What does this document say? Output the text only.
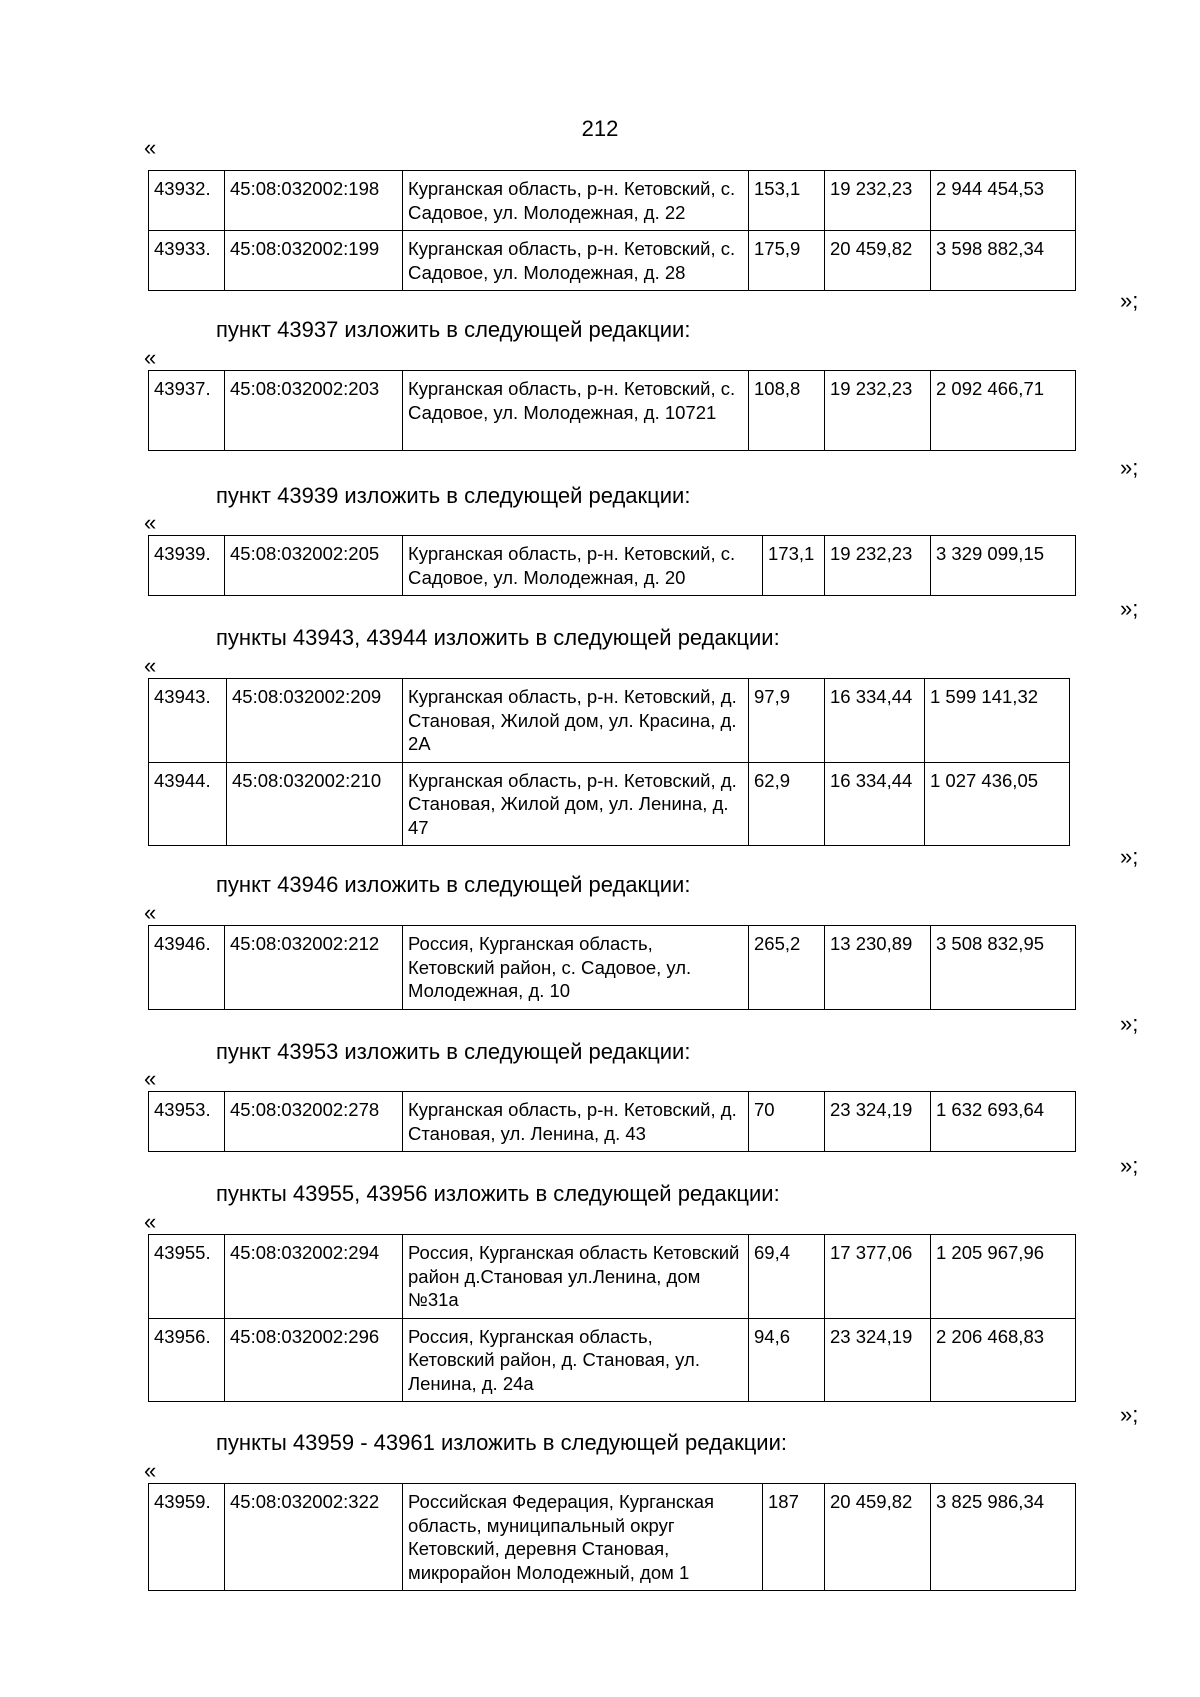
212
«
43932.	45:08:032002:198	Курганская область, р-н. Кетовский, с. Садовое, ул. Молодежная, д. 22	153,1	19 232,23	2 944 454,53
43933.	45:08:032002:199	Курганская область, р-н. Кетовский, с. Садовое, ул. Молодежная, д. 28	175,9	20 459,82	3 598 882,34
»;
пункт 43937 изложить в следующей редакции:
«
43937.	45:08:032002:203	Курганская область, р-н. Кетовский, с. Садовое, ул. Молодежная, д. 10721	108,8	19 232,23	2 092 466,71
»;
пункт 43939 изложить в следующей редакции:
«
43939.	45:08:032002:205	Курганская область, р-н. Кетовский, с. Садовое, ул. Молодежная, д. 20	173,1	19 232,23	3 329 099,15
»;
пункты 43943, 43944 изложить в следующей редакции:
«
43943.	45:08:032002:209	Курганская область, р-н. Кетовский, д. Становая, Жилой дом, ул. Красина, д. 2А	97,9	16 334,44	1 599 141,32
43944.	45:08:032002:210	Курганская область, р-н. Кетовский, д. Становая, Жилой дом, ул. Ленина, д. 47	62,9	16 334,44	1 027 436,05
»;
пункт 43946 изложить в следующей редакции:
«
43946.	45:08:032002:212	Россия, Курганская область, Кетовский район, с. Садовое, ул. Молодежная, д. 10	265,2	13 230,89	3 508 832,95
»;
пункт 43953 изложить в следующей редакции:
«
43953.	45:08:032002:278	Курганская область, р-н. Кетовский, д. Становая, ул. Ленина, д. 43	70	23 324,19	1 632 693,64
»;
пункты 43955, 43956 изложить в следующей редакции:
«
43955.	45:08:032002:294	Россия, Курганская область Кетовский район д.Становая ул.Ленина, дом №31а	69,4	17 377,06	1 205 967,96
43956.	45:08:032002:296	Россия, Курганская область, Кетовский район, д. Становая, ул. Ленина, д. 24а	94,6	23 324,19	2 206 468,83
»;
пункты 43959 - 43961 изложить в следующей редакции:
«
43959.	45:08:032002:322	Российская Федерация, Курганская область, муниципальный округ Кетовский, деревня Становая, микрорайон Молодежный, дом 1	187	20 459,82	3 825 986,34
